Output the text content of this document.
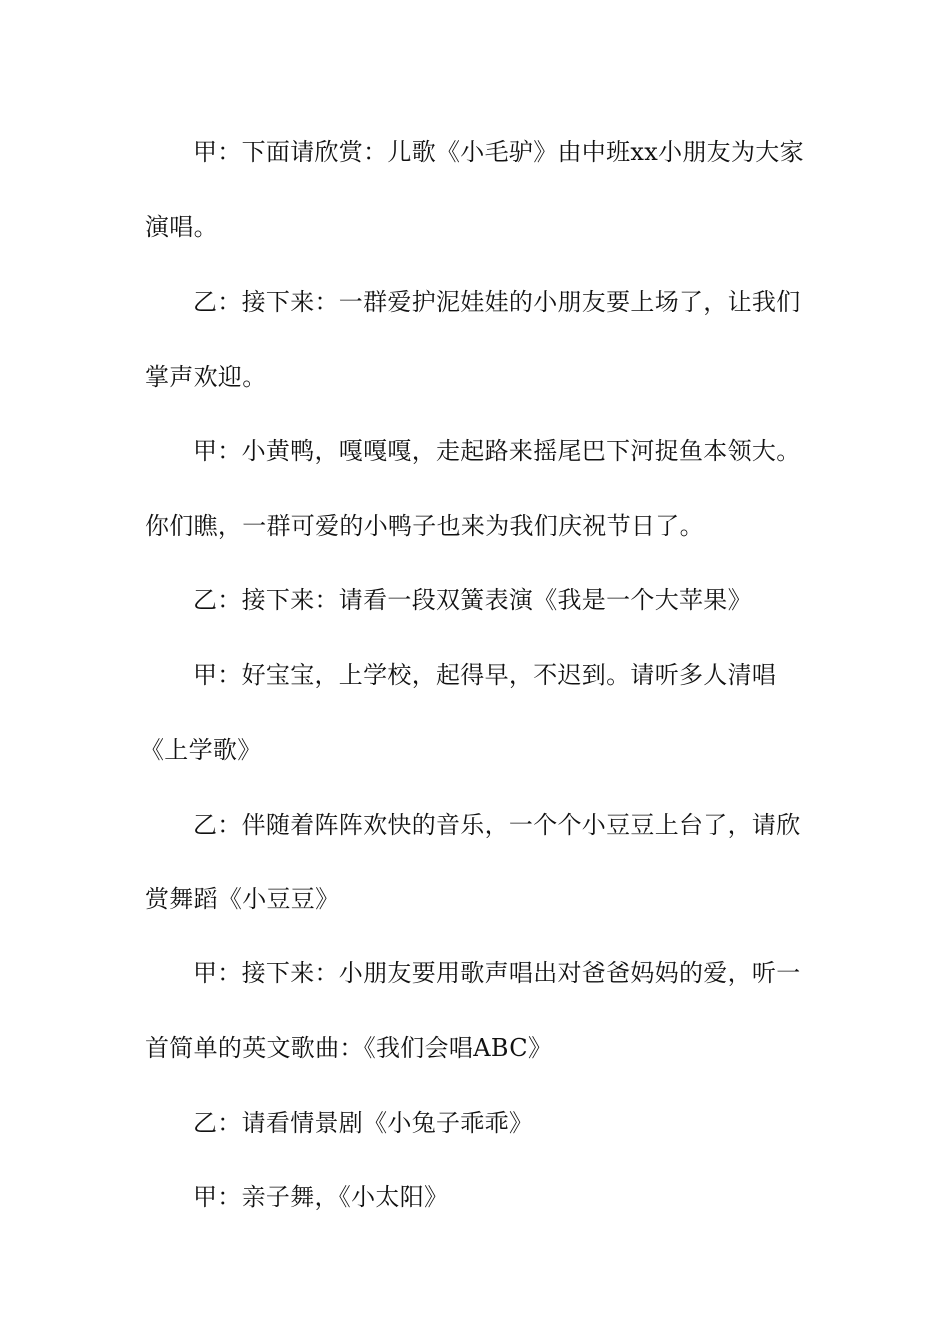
甲：下面请欣赏：儿歌《小毛驴》由中班xx小朋友为大家
演唱。
乙：接下来：一群爱护泥娃娃的小朋友要上场了，让我们
掌声欢迎。
甲：小黄鸭，嘎嘎嘎，走起路来摇尾巴下河捉鱼本领大。
你们瞧，一群可爱的小鸭子也来为我们庆祝节日了。
乙：接下来：请看一段双簧表演《我是一个大苹果》
甲：好宝宝，上学校，起得早，不迟到。请听多人清唱
《上学歌》
乙：伴随着阵阵欢快的音乐，一个个小豆豆上台了，请欣
赏舞蹈《小豆豆》
甲：接下来：小朋友要用歌声唱出对爸爸妈妈的爱，听一
首简单的英文歌曲：《我们会唱ABC》
乙：请看情景剧《小兔子乖乖》
甲：亲子舞，《小太阳》
